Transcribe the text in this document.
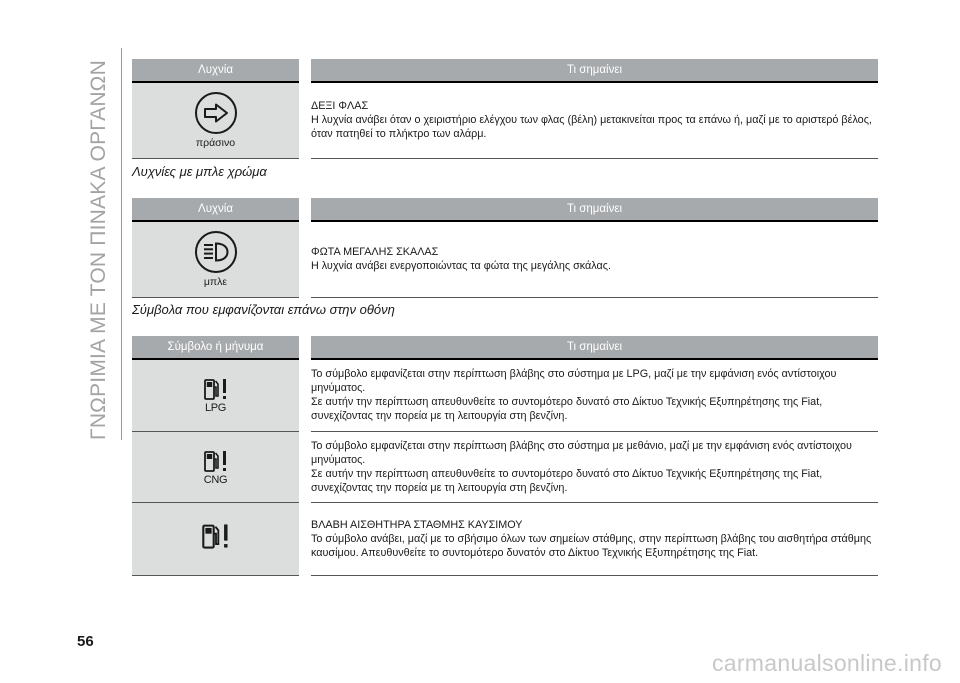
ΓΝΩΡΙΜΙΑ ΜΕ ΤΟΝ ΠΙΝΑΚΑ ΟΡΓΑΝΩΝ	Λυχνία		Τι σημαίνει

πράσινο		ΔΕΞΙ ΦΛΑΣ
Η λυχνία ανάβει όταν ο χειριστήριο ελέγχου των φλας (βέλη) μετακινείται προς τα επάνω ή, μαζί με το αριστερό βέλος, όταν πατηθεί το πλήκτρο των αλάρμ.
Λυχνίες με μπλε χρώμα
Λυχνία		Τι σημαίνει

μπλε		ΦΩΤΑ ΜΕΓΑΛΗΣ ΣΚΑΛΑΣ
Η λυχνία ανάβει ενεργοποιώντας τα φώτα της μεγάλης σκάλας.
Σύμβολα που εμφανίζονται επάνω στην οθόνη
Σύμβολο ή μήνυμα		Τι σημαίνει

LPG		Το σύμβολο εμφανίζεται στην περίπτωση βλάβης στο σύστημα με LPG, μαζί με την εμφάνιση ενός αντίστοιχου μηνύματος.
Σε αυτήν την περίπτωση απευθυνθείτε το συντομότερο δυνατό στο Δίκτυο Τεχνικής Εξυπηρέτησης της Fiat, συνεχίζοντας την πορεία με τη λειτουργία στη βενζίνη.

CNG		Το σύμβολο εμφανίζεται στην περίπτωση βλάβης στο σύστημα με μεθάνιο, μαζί με την εμφάνιση ενός αντίστοιχου μηνύματος.
Σε αυτήν την περίπτωση απευθυνθείτε το συντομότερο δυνατό στο Δίκτυο Τεχνικής Εξυπηρέτησης της Fiat, συνεχίζοντας την πορεία με τη λειτουργία στη βενζίνη.

ΒΛΑΒΗ ΑΙΣΘΗΤΗΡΑ ΣΤΑΘΜΗΣ ΚΑΥΣΙΜΟΥ
Το σύμβολο ανάβει, μαζί με το σβήσιμο όλων των σημείων στάθμης, στην περίπτωση βλάβης του αισθητήρα στάθμης καυσίμου. Απευθυνθείτε το συντομότερο δυνατόν στο Δίκτυο Τεχνικής Εξυπηρέτησης της Fiat.
56
carmanualsonline.info
